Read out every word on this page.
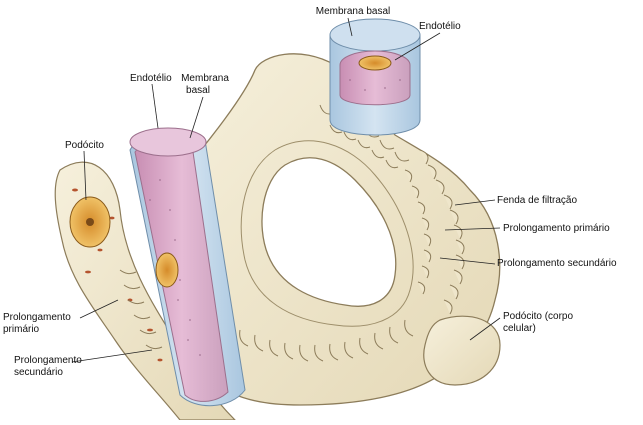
Membrana basal
Endotélio
Endotélio Membrana
basal
Podócito
Fenda de filtração
Prolongamento primário
Prolongamento secundário
Podócito (corpo
celular)
Prolongamento
primário
Prolongamento
secundário
